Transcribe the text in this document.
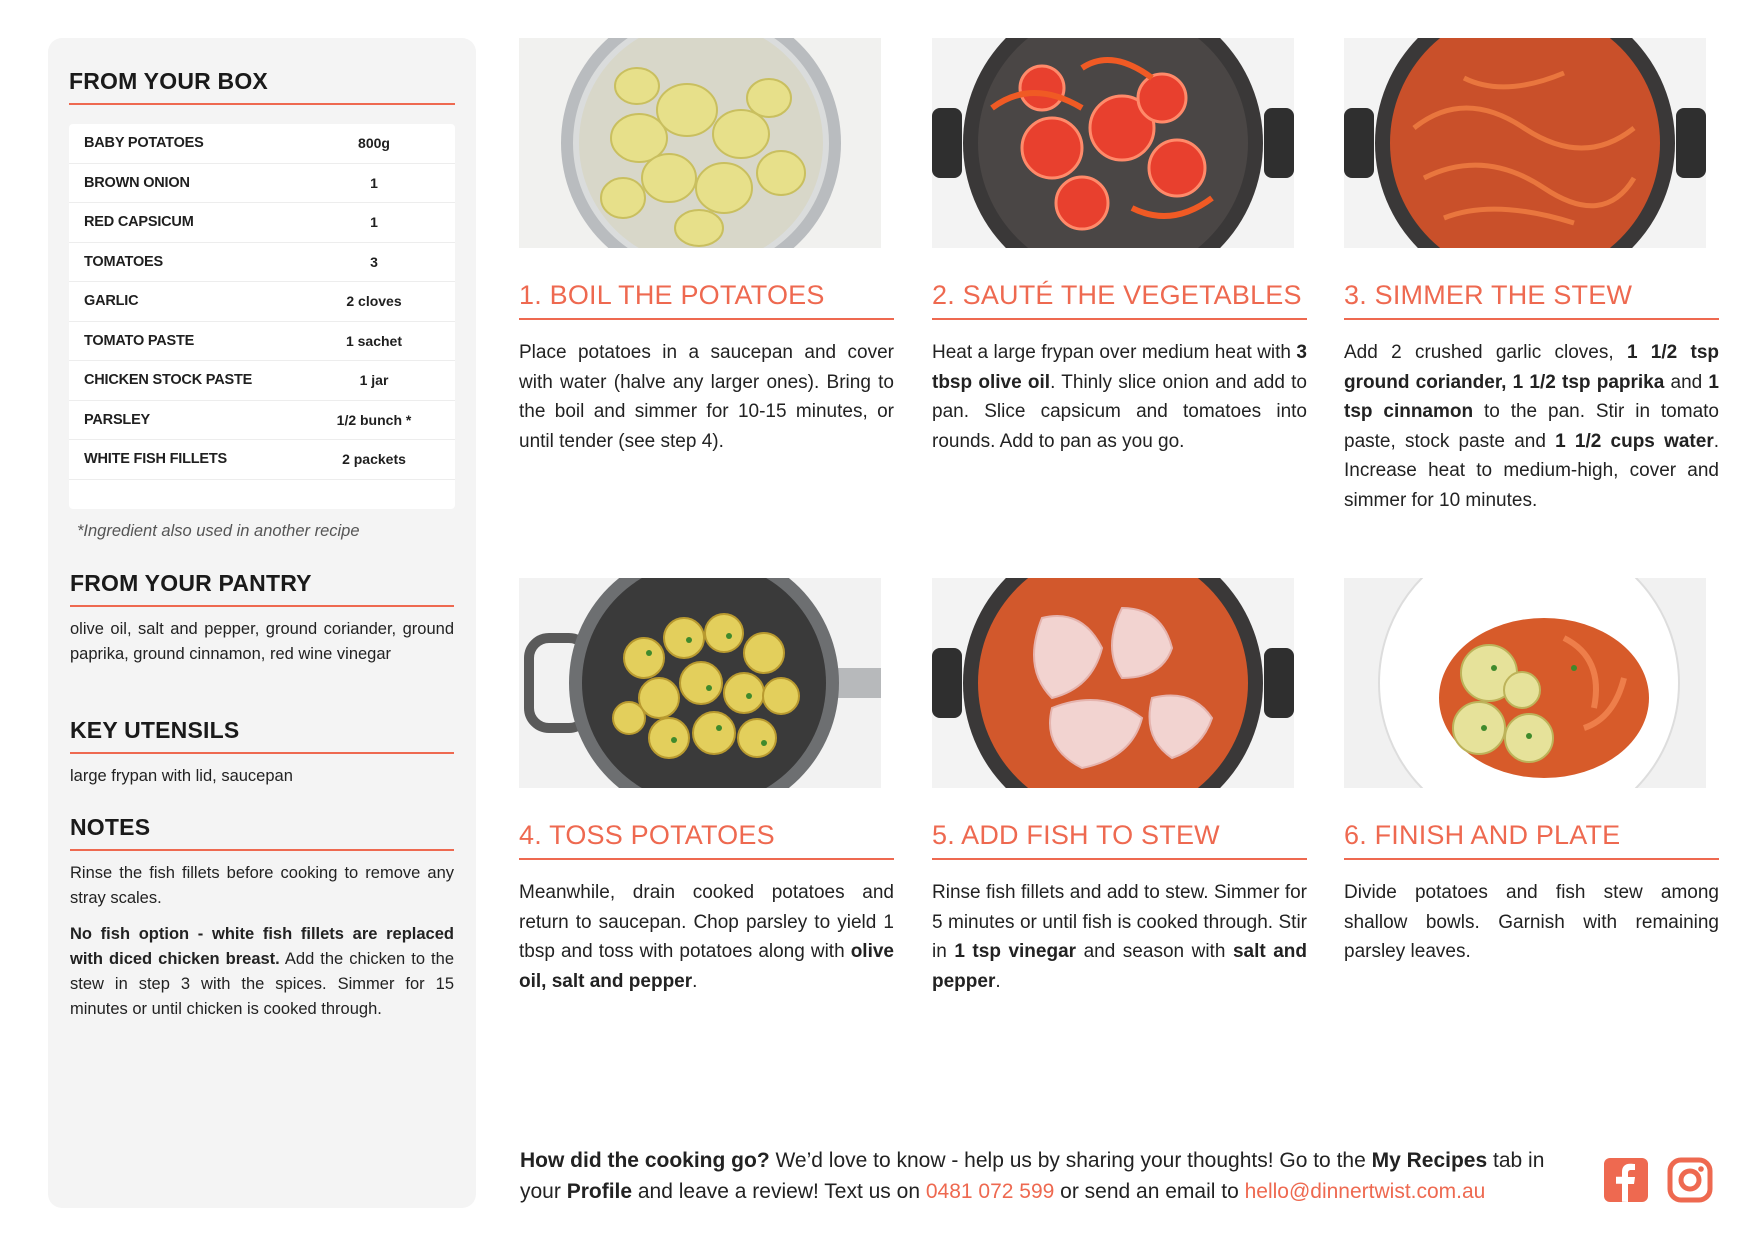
FROM YOUR BOX
BABY POTATOES	800g
BROWN ONION	1
RED CAPSICUM	1
TOMATOES	3
GARLIC	2 cloves
TOMATO PASTE	1 sachet
CHICKEN STOCK PASTE	1 jar
PARSLEY	1/2 bunch *
WHITE FISH FILLETS	2 packets
*Ingredient also used in another recipe
FROM YOUR PANTRY

olive oil, salt and pepper, ground coriander, ground paprika, ground cinnamon, red wine vinegar

KEY UTENSILS

large frypan with lid, saucepan

NOTES

Rinse the fish fillets before cooking to remove any stray scales.

No fish option - white fish fillets are replaced with diced chicken breast. Add the chicken to the stew in step 3 with the spices. Simmer for 15 minutes or until chicken is cooked through.

1. BOIL THE POTATOES

Place potatoes in a saucepan and cover with water (halve any larger ones). Bring to the boil and simmer for 10-15 minutes, or until tender (see step 4).

2. SAUTÉ THE VEGETABLES

Heat a large frypan over medium heat with 3 tbsp olive oil. Thinly slice onion and add to pan. Slice capsicum and tomatoes into rounds. Add to pan as you go.

3. SIMMER THE STEW

Add 2 crushed garlic cloves, 1 1/2 tsp ground coriander, 1 1/2 tsp paprika and 1 tsp cinnamon to the pan. Stir in tomato paste, stock paste and 1 1/2 cups water. Increase heat to medium-high, cover and simmer for 10 minutes.

4. TOSS POTATOES

Meanwhile, drain cooked potatoes and return to saucepan. Chop parsley to yield 1 tbsp and toss with potatoes along with olive oil, salt and pepper.

5. ADD FISH TO STEW

Rinse fish fillets and add to stew. Simmer for 5 minutes or until fish is cooked through. Stir in 1 tsp vinegar and season with salt and pepper.

6. FINISH AND PLATE

Divide potatoes and fish stew among shallow bowls. Garnish with remaining parsley leaves.

How did the cooking go? We’d love to know - help us by sharing your thoughts! Go to the My Recipes tab in your Profile and leave a review! Text us on 0481 072 599 or send an email to hello@dinnertwist.com.au
